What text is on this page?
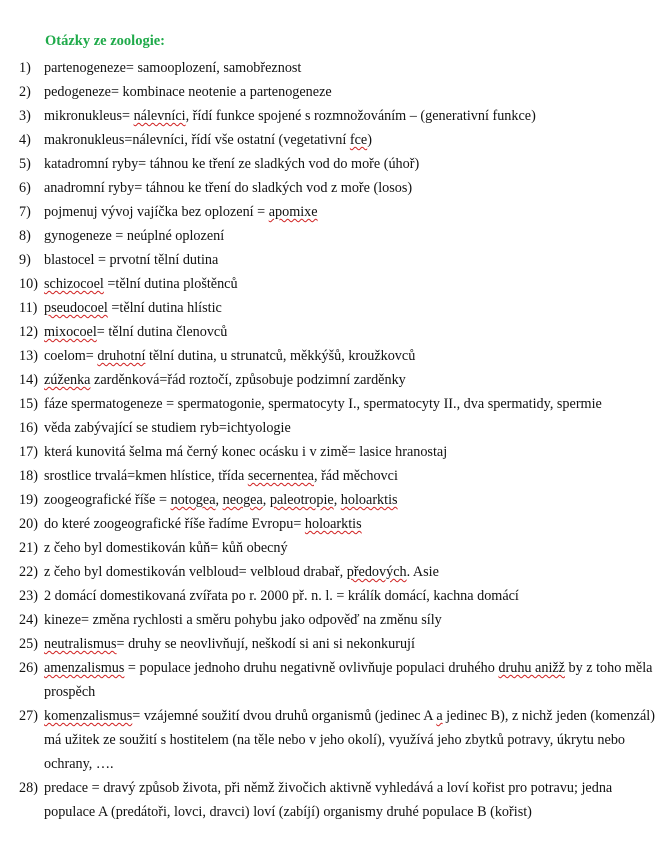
Otázky ze zoologie:
1) partenogeneze= samooplození, samobřeznost
2) pedogeneze= kombinace neotenie a partenogeneze
3) mikronukleus= nálevníci, řídí funkce spojené s rozmnožováním – (generativní funkce)
4) makronukleus=nálevníci, řídí vše ostatní (vegetativní fce)
5) katadromní ryby= táhnou ke tření ze sladkých vod do moře (úhoř)
6) anadromní ryby= táhnou ke tření do sladkých vod z moře (losos)
7) pojmenuj vývoj vajíčka bez oplození = apomixe
8) gynogeneze = neúplné oplození
9) blastocel = prvotní tělní dutina
10) schizocoel =tělní dutina ploštěnců
11) pseudocoel =tělní dutina hlístic
12) mixocoel= tělní dutina členovců
13) coelom= druhotní tělní dutina, u strunatců, měkkýšů, kroužkovců
14) zúženka zarděnková=řád roztočí, způsobuje podzimní zarděnky
15) fáze spermatogeneze = spermatogonie, spermatocyty I., spermatocyty II., dva spermatidy, spermie
16) věda zabývající se studiem ryb=ichtyologie
17) která kunovitá šelma má černý konec ocásku i v zimě= lasice hranostaj
18) srostlice trvalá=kmen hlístice, třída secernentea, řád měchovci
19) zoogeografické říše = notogea, neogea, paleotropie, holoarktis
20) do které zoogeografické říše řadíme Evropu= holoarktis
21) z čeho byl domestikován kůň= kůň obecný
22) z čeho byl domestikován velbloud= velbloud drabař, předových. Asie
23) 2 domácí domestikovaná zvířata po r. 2000 př. n. l. = králík domácí, kachna domácí
24) kineze= změna rychlosti a směru pohybu jako odpověď na změnu síly
25) neutralismus= druhy se neovlivňují, neškodí si ani si nekonkurují
26) amenzalismus = populace jednoho druhu negativně ovlivňuje populaci druhého druhu anižž by z toho měla prospěch
27) komenzalismus= vzájemné soužití dvou druhů organismů (jedinec A a jedinec B), z nichž jeden (komenzál) má užitek ze soužití s hostitelem (na těle nebo v jeho okolí), využívá jeho zbytků potravy, úkrytu nebo ochrany, ….
28) predace = dravý způsob života, při němž živočich aktivně vyhledává a loví kořist pro potravu; jedna populace A (predátoři, lovci, dravci) loví (zabíjí) organismy druhé populace B (kořist)
